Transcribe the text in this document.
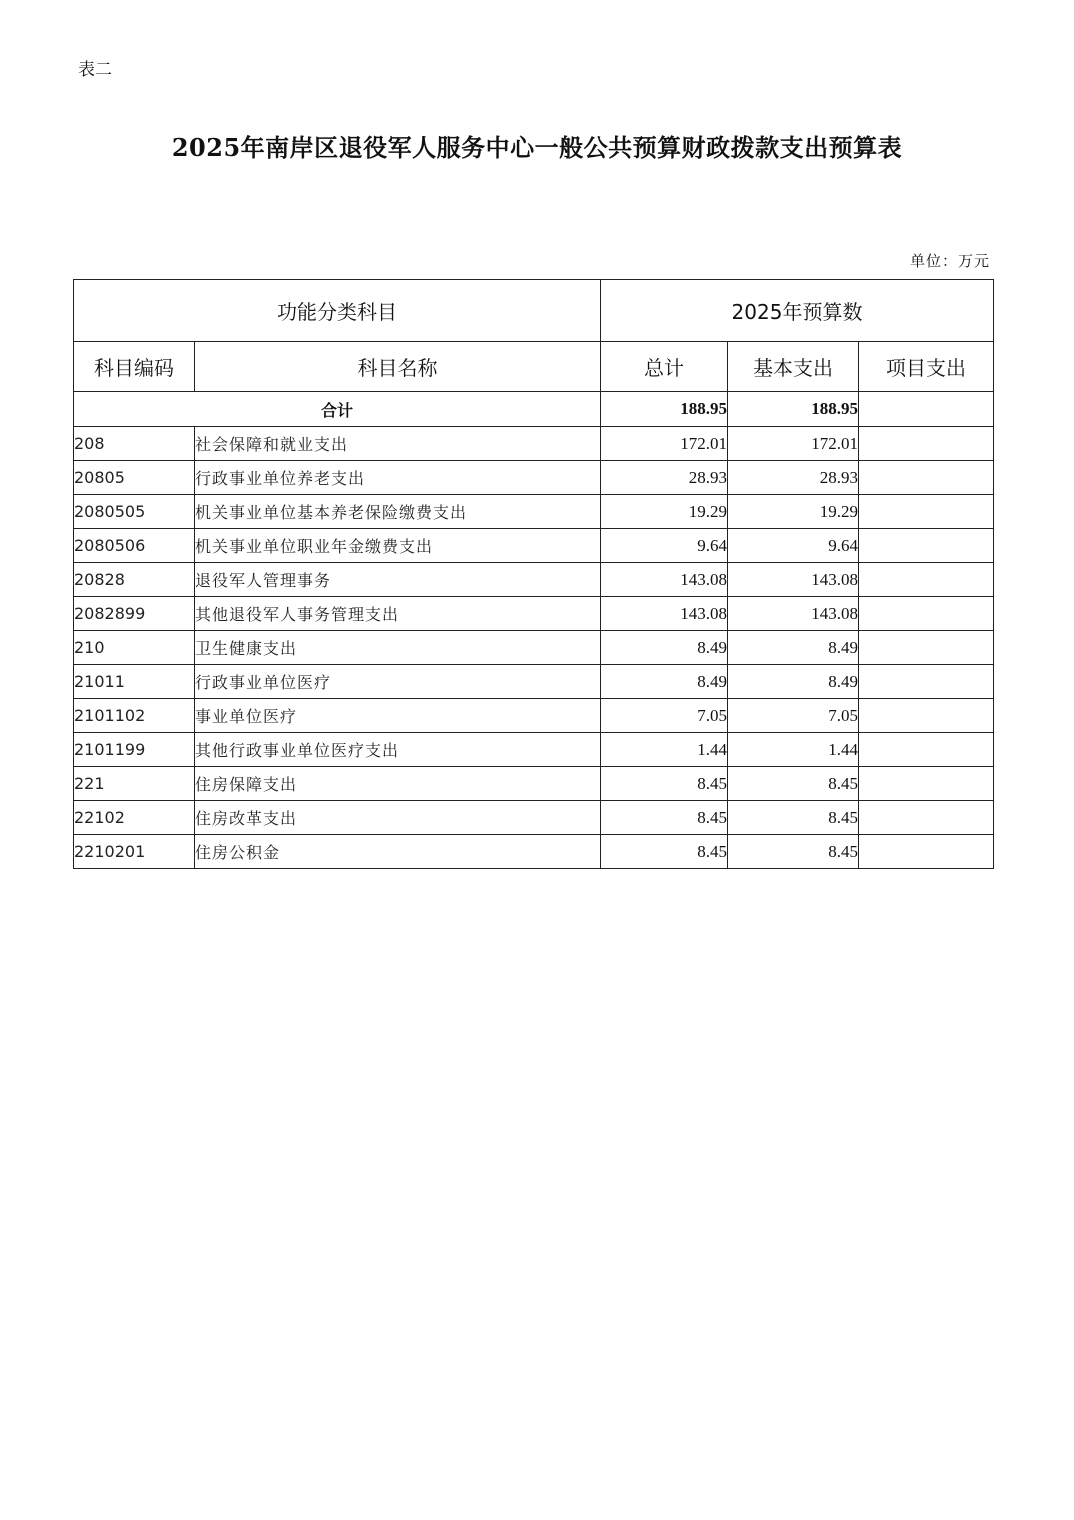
表二
2025年南岸区退役军人服务中心一般公共预算财政拨款支出预算表
单位：万元
功能分类科目		2025年预算数		
科目编码	科目名称	总计	基本支出	项目支出
合计		188.95	188.95	
208	社会保障和就业支出	172.01	172.01	
20805	行政事业单位养老支出	28.93	28.93	
2080505	机关事业单位基本养老保险缴费支出	19.29	19.29	
2080506	机关事业单位职业年金缴费支出	9.64	9.64	
20828	退役军人管理事务	143.08	143.08	
2082899	其他退役军人事务管理支出	143.08	143.08	
210	卫生健康支出	8.49	8.49	
21011	行政事业单位医疗	8.49	8.49	
2101102	事业单位医疗	7.05	7.05	
2101199	其他行政事业单位医疗支出	1.44	1.44	
221	住房保障支出	8.45	8.45	
22102	住房改革支出	8.45	8.45	
2210201	住房公积金	8.45	8.45	
